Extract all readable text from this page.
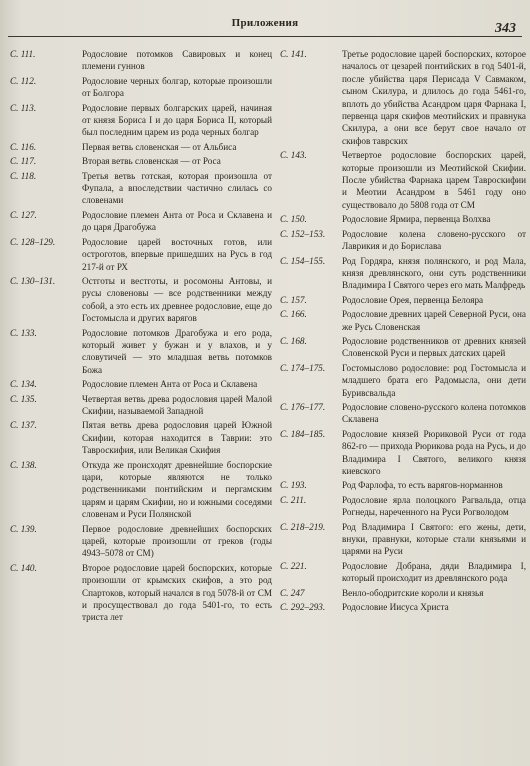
Приложения	343
С. 111.	Родословие потомков Савировых и конец племени гуннов
С. 112.	Родословие черных болгар, которые произошли от Болгора
С. 113.	Родословие первых болгарских царей, начиная от князя Бориса I и до царя Бориса II, который был последним царем из рода черных болгар
С. 116.	Первая ветвь словенская — от Альбиса
С. 117.	Вторая ветвь словенская — от Роса
С. 118.	Третья ветвь готская, которая произошла от Фупала, а впоследствии частично слилась со словенами
С. 127.	Родословие племен Анта от Роса и Склавена и до царя Драгобужа
С. 128–129.	Родословие царей восточных готов, или остроготов, впервые пришедших на Русь в год 217-й от РХ
С. 130–131.	Остготы и вестготы, и росомоны Антовы, и русы словеновы — все родственники между собой, а это есть их древнее родословие, еще до Гостомысла и других варягов
С. 133.	Родословие потомков Драгобужа и его рода, который живет у бужан и у влахов, и у словутичей — это младшая ветвь потомков Божа
С. 134.	Родословие племен Анта от Роса и Склавена
С. 135.	Четвертая ветвь древа родословия царей Малой Скифии, называемой Западной
С. 137.	Пятая ветвь древа родословия царей Южной Скифии, которая находится в Таврии: это Тавроскифия, или Великая Скифия
С. 138.	Откуда же происходят древнейшие боспорские цари, которые являются не только родственниками понтийским и пергамским царям и царям Скифии, но и южными соседями словенам и Руси Полянской
С. 139.	Первое родословие древнейших боспорских царей, которые произошли от греков (годы 4943–5078 от СМ)
С. 140.	Второе родословие царей боспорских, которые произошли от крымских скифов, а это род Спартоков, который начался в год 5078-й от СМ и просуществовал до года 5401-го, то есть триста лет
С. 141.	Третье родословие царей боспорских, которое началось от цезарей понтийских в год 5401-й, после убийства царя Перисада V Савмаком, сыном Скилура, и длилось до года 5461-го, вплоть до убийства Асандром царя Фарнака I, первенца царя скифов меотийских и правнука Скилура, а они все берут свое начало от скифов таврских
С. 143.	Четвертое родословие боспорских царей, которые произошли из Меотийской Скифии. После убийства Фарнака царем Тавроскифии и Меотии Асандром в 5461 году оно существовало до 5808 года от СМ
С. 150.	Родословие Ярмира, первенца Волхва
С. 152–153.	Родословие колена словено-русского от Лаврикия и до Борислава
С. 154–155.	Род Гордяра, князя полянского, и род Мала, князя древлянского, они суть родственники Владимира I Святого через его мать Малфредь
С. 157.	Родословие Орея, первенца Белояра
С. 166.	Родословие древних царей Северной Руси, она же Русь Словенская
С. 168.	Родословие родственников от древних князей Словенской Руси и первых датских царей
С. 174–175.	Гостомыслово родословие: род Гостомысла и младшего брата его Радомысла, они дети Буривсвальда
С. 176–177.	Родословие словено-русского колена потомков Склавена
С. 184–185.	Родословие князей Рюриковой Руси от года 862-го — прихода Рюрикова рода на Русь, и до Владимира I Святого, великого князя киевского
С. 193.	Род Фарлофа, то есть варягов-норманнов
С. 211.	Родословие ярла полоцкого Рагвальда, отца Рогнеды, нареченного на Руси Рогволодом
С. 218–219.	Род Владимира I Святого: его жены, дети, внуки, правнуки, которые стали князьями и царями на Руси
С. 221.	Родословие Добрана, дяди Владимира I, который происходит из древлянского рода
С. 247	Венло-ободритские короли и князья
С. 292–293.	Родословие Иисуса Христа
